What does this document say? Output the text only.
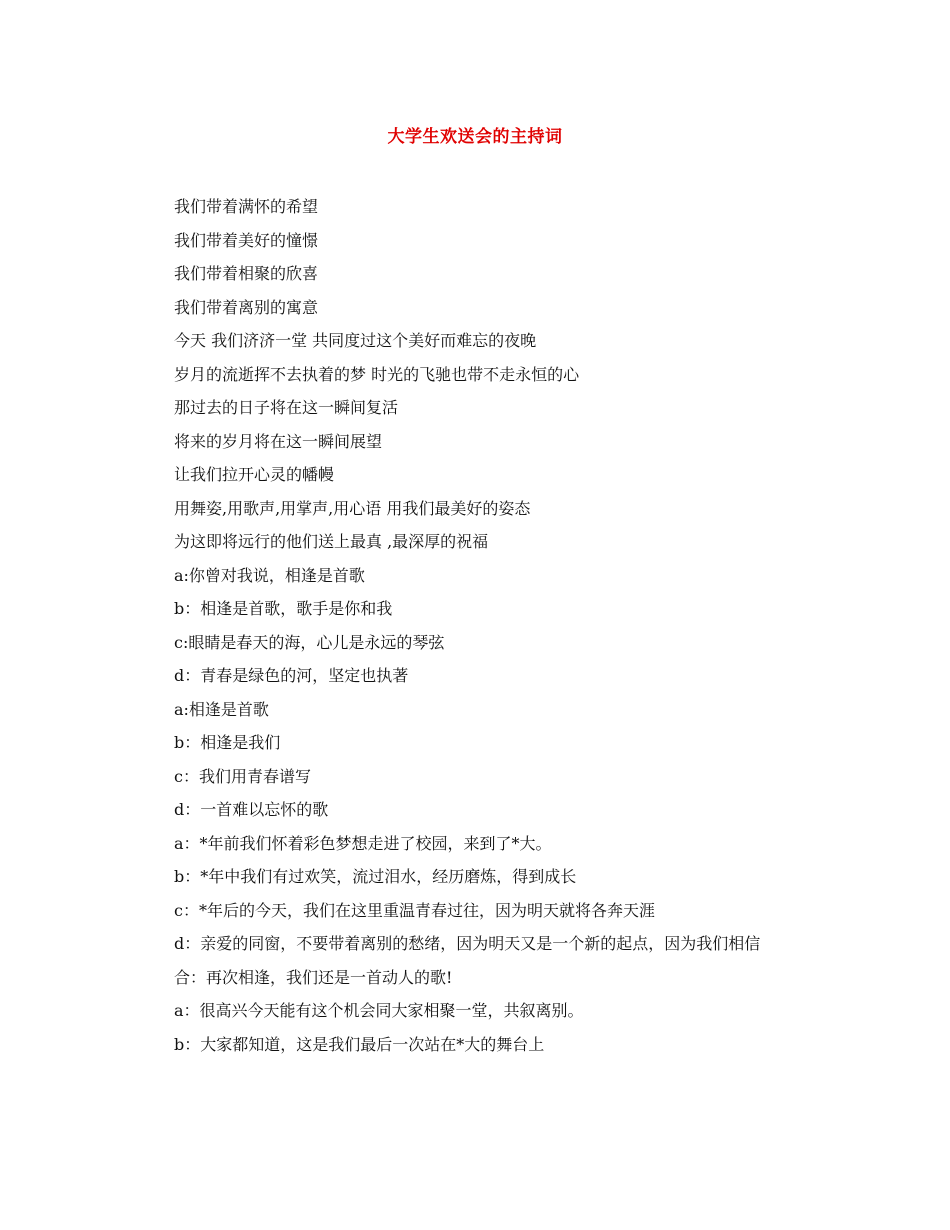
大学生欢送会的主持词

我们带着满怀的希望

我们带着美好的憧憬

我们带着相聚的欣喜

我们带着离别的寓意

今天 我们济济一堂 共同度过这个美好而难忘的夜晚

岁月的流逝挥不去执着的梦 时光的飞驰也带不走永恒的心

那过去的日子将在这一瞬间复活

将来的岁月将在这一瞬间展望

让我们拉开心灵的幡幔

用舞姿,用歌声,用掌声,用心语 用我们最美好的姿态

为这即将远行的他们送上最真 ,最深厚的祝福

a:你曾对我说，相逢是首歌

b：相逢是首歌，歌手是你和我

c:眼睛是春天的海，心儿是永远的琴弦

d：青春是绿色的河，坚定也执著

a:相逢是首歌

b：相逢是我们

c：我们用青春谱写

d：一首难以忘怀的歌

a：*年前我们怀着彩色梦想走进了校园，来到了*大。

b：*年中我们有过欢笑，流过泪水，经历磨炼，得到成长

c：*年后的今天，我们在这里重温青春过往，因为明天就将各奔天涯

d：亲爱的同窗，不要带着离别的愁绪，因为明天又是一个新的起点，因为我们相信

合：再次相逢，我们还是一首动人的歌!

a：很高兴今天能有这个机会同大家相聚一堂，共叙离别。

b：大家都知道，这是我们最后一次站在*大的舞台上
